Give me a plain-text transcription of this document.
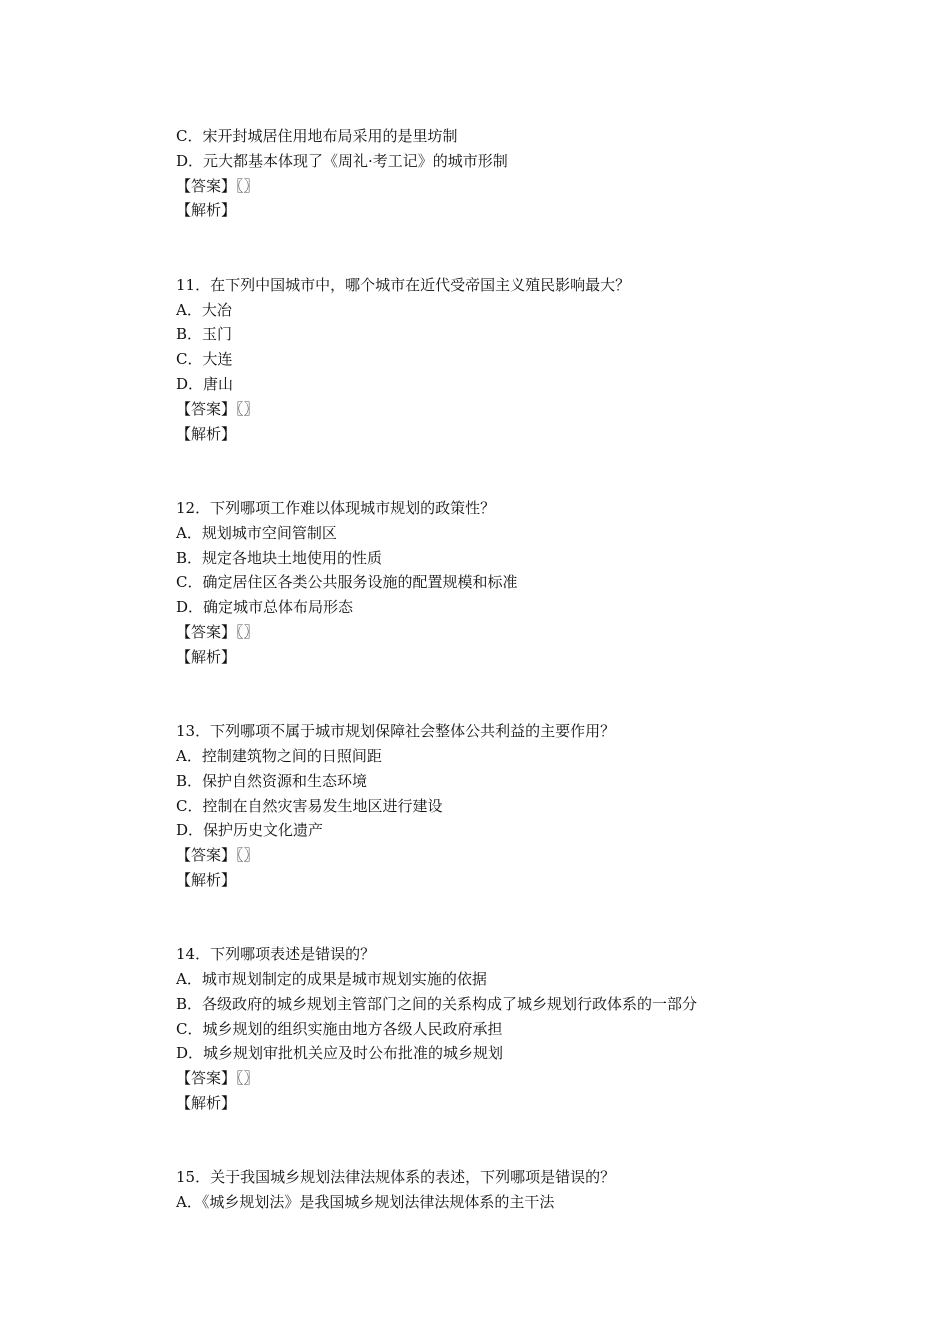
C．宋开封城居住用地布局采用的是里坊制
D．元大都基本体现了《周礼·考工记》的城市形制
【答案】〖〗
【解析】
11．在下列中国城市中，哪个城市在近代受帝国主义殖民影响最大？
A．大冶
B．玉门
C．大连
D．唐山
【答案】〖〗
【解析】
12．下列哪项工作难以体现城市规划的政策性？
A．规划城市空间管制区
B．规定各地块土地使用的性质
C．确定居住区各类公共服务设施的配置规模和标准
D．确定城市总体布局形态
【答案】〖〗
【解析】
13．下列哪项不属于城市规划保障社会整体公共利益的主要作用？
A．控制建筑物之间的日照间距
B．保护自然资源和生态环境
C．控制在自然灾害易发生地区进行建设
D．保护历史文化遗产
【答案】〖〗
【解析】
14．下列哪项表述是错误的？
A．城市规划制定的成果是城市规划实施的依据
B．各级政府的城乡规划主管部门之间的关系构成了城乡规划行政体系的一部分
C．城乡规划的组织实施由地方各级人民政府承担
D．城乡规划审批机关应及时公布批准的城乡规划
【答案】〖〗
【解析】
15．关于我国城乡规划法律法规体系的表述，下列哪项是错误的？
A．《城乡规划法》是我国城乡规划法律法规体系的主干法
